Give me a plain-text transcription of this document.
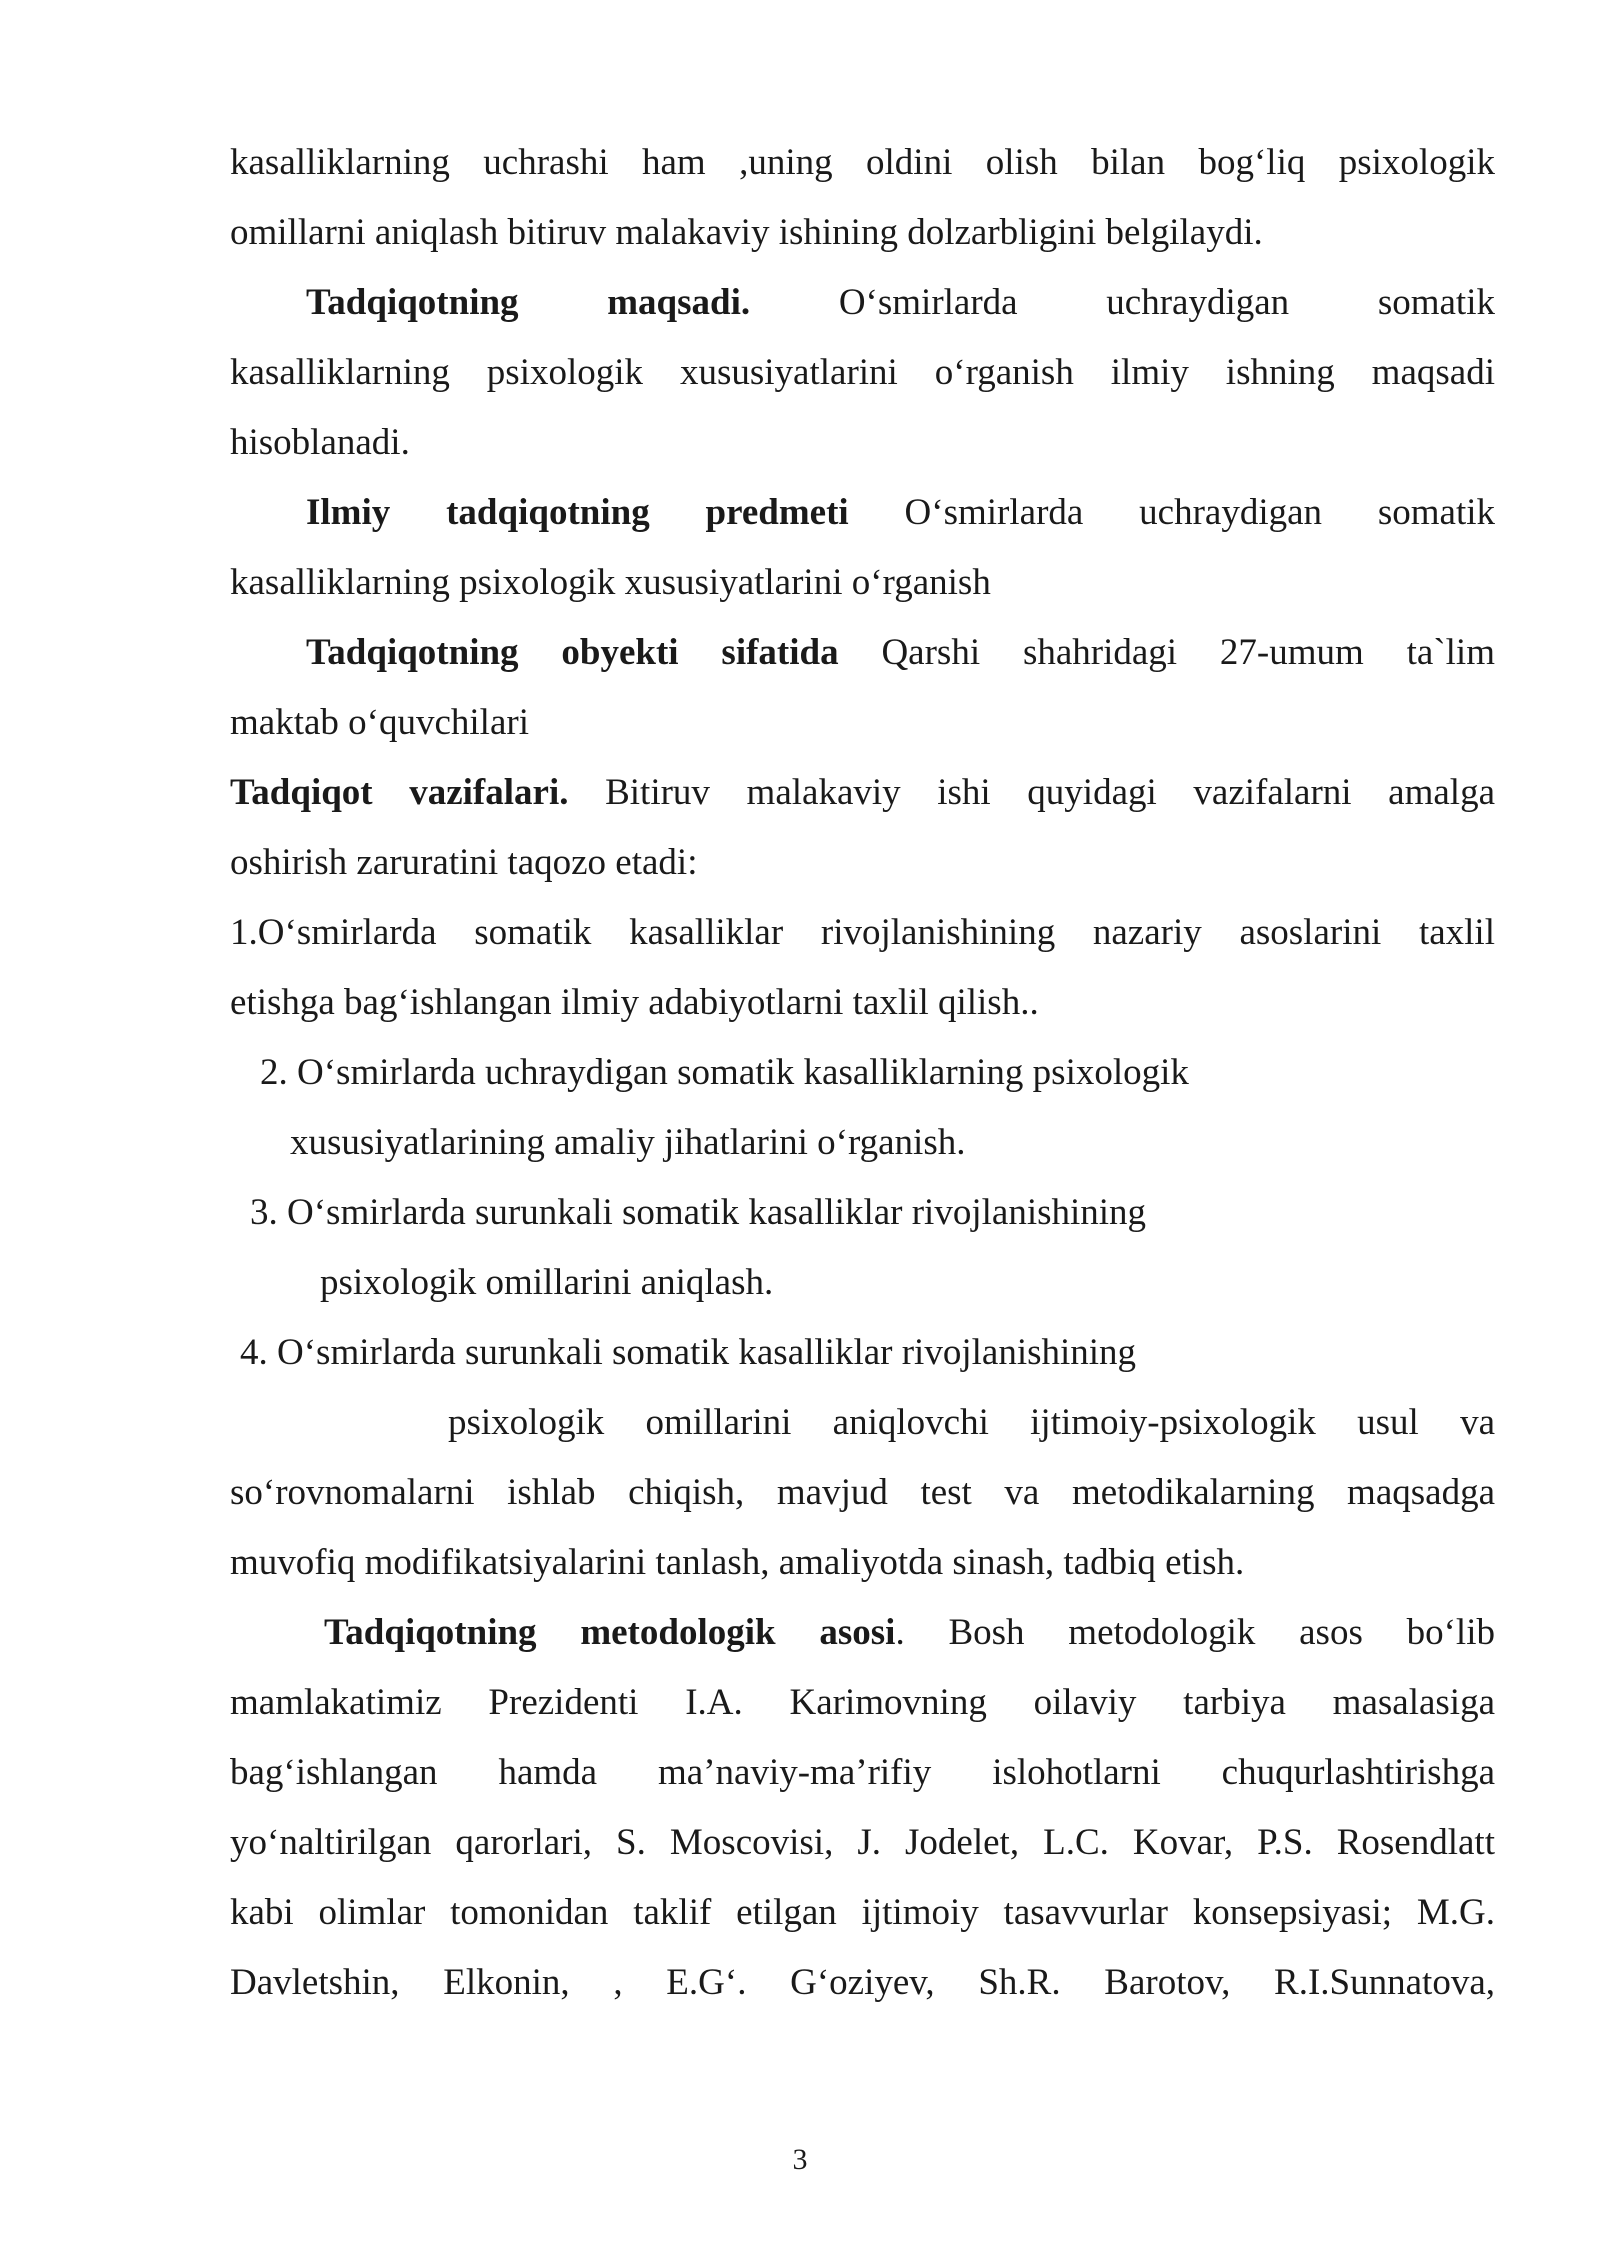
kasalliklarning uchrashi ham ,uning oldini olish bilan bog‘liq psixologik
omillarni aniqlash bitiruv malakaviy ishining dolzarbligini belgilaydi.
Tadqiqotning maqsadi. O‘smirlarda uchraydigan somatik
kasalliklarning psixologik xususiyatlarini o‘rganish ilmiy ishning maqsadi
hisoblanadi.
Ilmiy tadqiqotning predmeti O‘smirlarda uchraydigan somatik
kasalliklarning psixologik xususiyatlarini o‘rganish
Tadqiqotning obyekti sifatida Qarshi shahridagi 27-umum ta`lim
maktab o‘quvchilari
Tadqiqot vazifalari. Bitiruv malakaviy ishi quyidagi vazifalarni amalga
oshirish zaruratini taqozo etadi:
1.O‘smirlarda somatik kasalliklar rivojlanishining nazariy asoslarini taxlil
etishga bag‘ishlangan ilmiy adabiyotlarni taxlil qilish..
2. O‘smirlarda uchraydigan somatik kasalliklarning psixologik
xususiyatlarining amaliy jihatlarini o‘rganish.
3. O‘smirlarda surunkali somatik kasalliklar rivojlanishining
psixologik omillarini aniqlash.
4. O‘smirlarda surunkali somatik kasalliklar rivojlanishining
psixologik omillarini aniqlovchi ijtimoiy-psixologik usul va
so‘rovnomalarni ishlab chiqish, mavjud test va metodikalarning maqsadga
muvofiq modifikatsiyalarini tanlash, amaliyotda sinash, tadbiq etish.
Tadqiqotning metodologik asosi. Bosh metodologik asos bo‘lib
mamlakatimiz Prezidenti I.A. Karimovning oilaviy tarbiya masalasiga
bag‘ishlangan hamda ma’naviy-ma’rifiy islohotlarni chuqurlashtirishga
yo‘naltirilgan qarorlari, S. Moscovisi, J. Jodelet, L.C. Kovar, P.S. Rosendlatt
kabi olimlar tomonidan taklif etilgan ijtimoiy tasavvurlar konsepsiyasi; M.G.
Davletshin, Elkonin, , E.G‘. G‘oziyev, Sh.R. Barotov, R.I.Sunnatova,
3
